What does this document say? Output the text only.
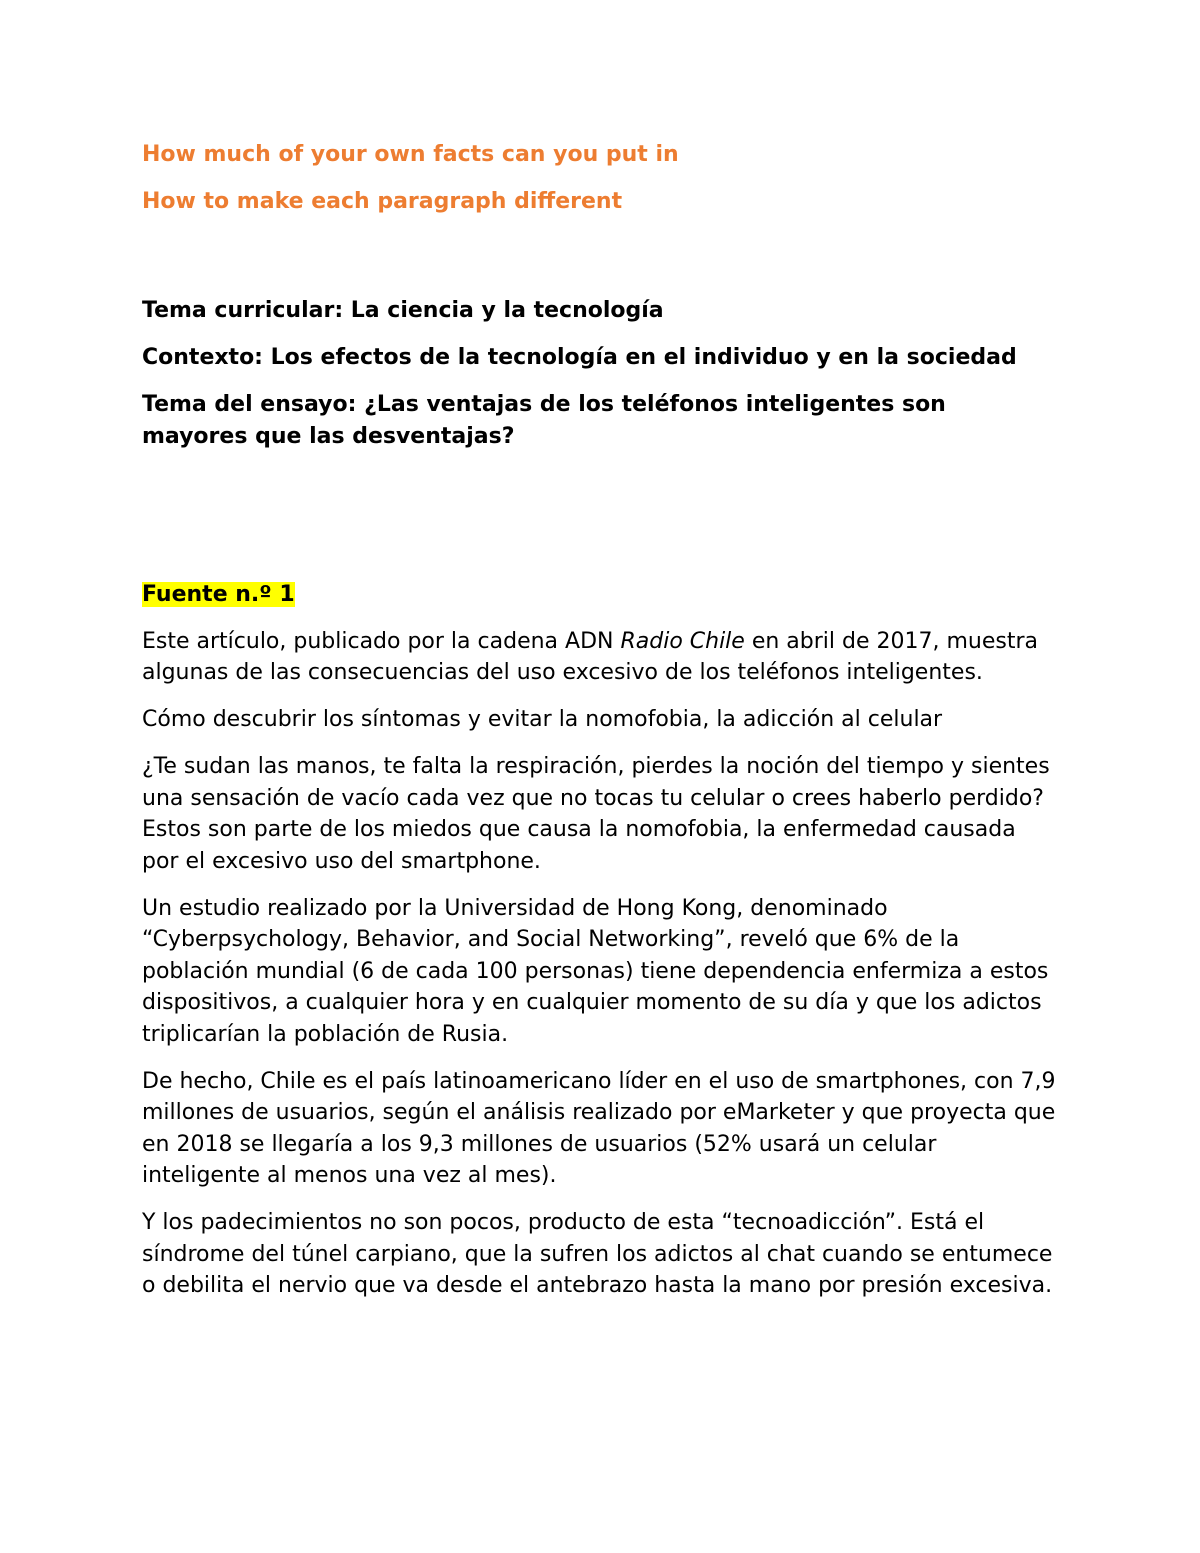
How much of your own facts can you put in

How to make each paragraph different

Tema curricular: La ciencia y la tecnología

Contexto: Los efectos de la tecnología en el individuo y en la sociedad

Tema del ensayo: ¿Las ventajas de los teléfonos inteligentes son mayores que las desventajas?

Fuente n.º 1

Este artículo, publicado por la cadena ADN Radio Chile en abril de 2017, muestra algunas de las consecuencias del uso excesivo de los teléfonos inteligentes.

Cómo descubrir los síntomas y evitar la nomofobia, la adicción al celular

¿Te sudan las manos, te falta la respiración, pierdes la noción del tiempo y sientes una sensación de vacío cada vez que no tocas tu celular o crees haberlo perdido? Estos son parte de los miedos que causa la nomofobia, la enfermedad causada por el excesivo uso del smartphone.

Un estudio realizado por la Universidad de Hong Kong, denominado “Cyberpsychology, Behavior, and Social Networking”, reveló que 6% de la población mundial (6 de cada 100 personas) tiene dependencia enfermiza a estos dispositivos, a cualquier hora y en cualquier momento de su día y que los adictos triplicarían la población de Rusia.

De hecho, Chile es el país latinoamericano líder en el uso de smartphones, con 7,9 millones de usuarios, según el análisis realizado por eMarketer y que proyecta que en 2018 se llegaría a los 9,3 millones de usuarios (52% usará un celular inteligente al menos una vez al mes).

Y los padecimientos no son pocos, producto de esta “tecnoadicción”. Está el síndrome del túnel carpiano, que la sufren los adictos al chat cuando se entumece o debilita el nervio que va desde el antebrazo hasta la mano por presión excesiva.
